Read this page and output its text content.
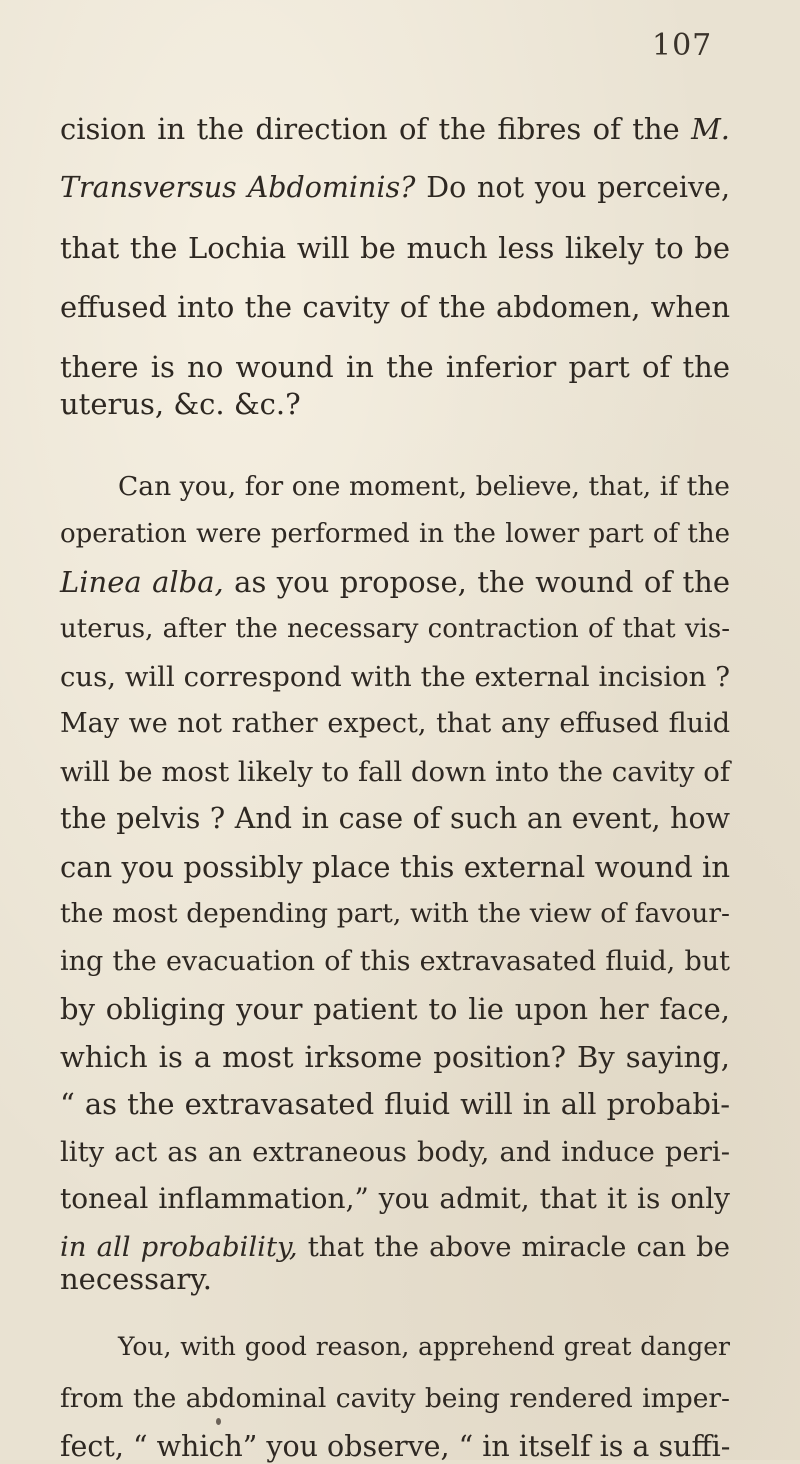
107
cision in the direction of the fibres of the M.
Transversus Abdominis? Do not you perceive,
that the Lochia will be much less likely to be
effused into the cavity of the abdomen, when
there is no wound in the inferior part of the
uterus, &c. &c.?
Can you, for one moment, believe, that, if the
operation were performed in the lower part of the
Linea alba, as you propose, the wound of the
uterus, after the necessary contraction of that vis-
cus, will correspond with the external incision ?
May we not rather expect, that any effused fluid
will be most likely to fall down into the cavity of
the pelvis ? And in case of such an event, how
can you possibly place this external wound in
the most depending part, with the view of favour-
ing the evacuation of this extravasated fluid, but
by obliging your patient to lie upon her face,
which is a most irksome position? By saying,
“ as the extravasated fluid will in all probabi-
lity act as an extraneous body, and induce peri-
toneal inflammation,” you admit, that it is only
in all probability, that the above miracle can be
necessary.
You, with good reason, apprehend great danger
from the abdominal cavity being rendered imper-
fect, “ which” you observe, “ in itself is a suffi-
